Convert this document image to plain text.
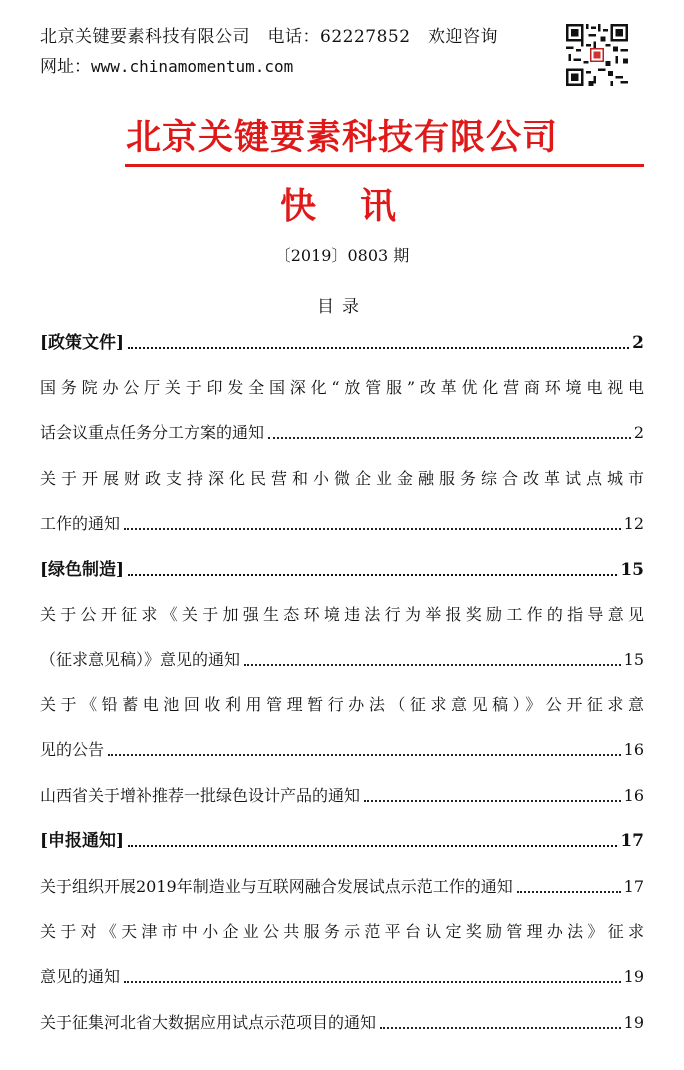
北京关键要素科技有限公司　电话：62227852　欢迎咨询
网址：www.chinamomentum.com
北京关键要素科技有限公司
快讯
〔2019〕0803 期
目录
[政策文件]	2
国务院办公厅关于印发全国深化“放管服”改革优化营商环境电视电
话会议重点任务分工方案的通知	2
关于开展财政支持深化民营和小微企业金融服务综合改革试点城市
工作的通知	12
[绿色制造]	15
关于公开征求《关于加强生态环境违法行为举报奖励工作的指导意见
（征求意见稿）》意见的通知	15
关于《铅蓄电池回收利用管理暂行办法（征求意见稿）》公开征求意
见的公告	16
山西省关于增补推荐一批绿色设计产品的通知	16
[申报通知]	17
关于组织开展2019年制造业与互联网融合发展试点示范工作的通知	17
关于对《天津市中小企业公共服务示范平台认定奖励管理办法》征求
意见的通知	19
关于征集河北省大数据应用试点示范项目的通知	19
